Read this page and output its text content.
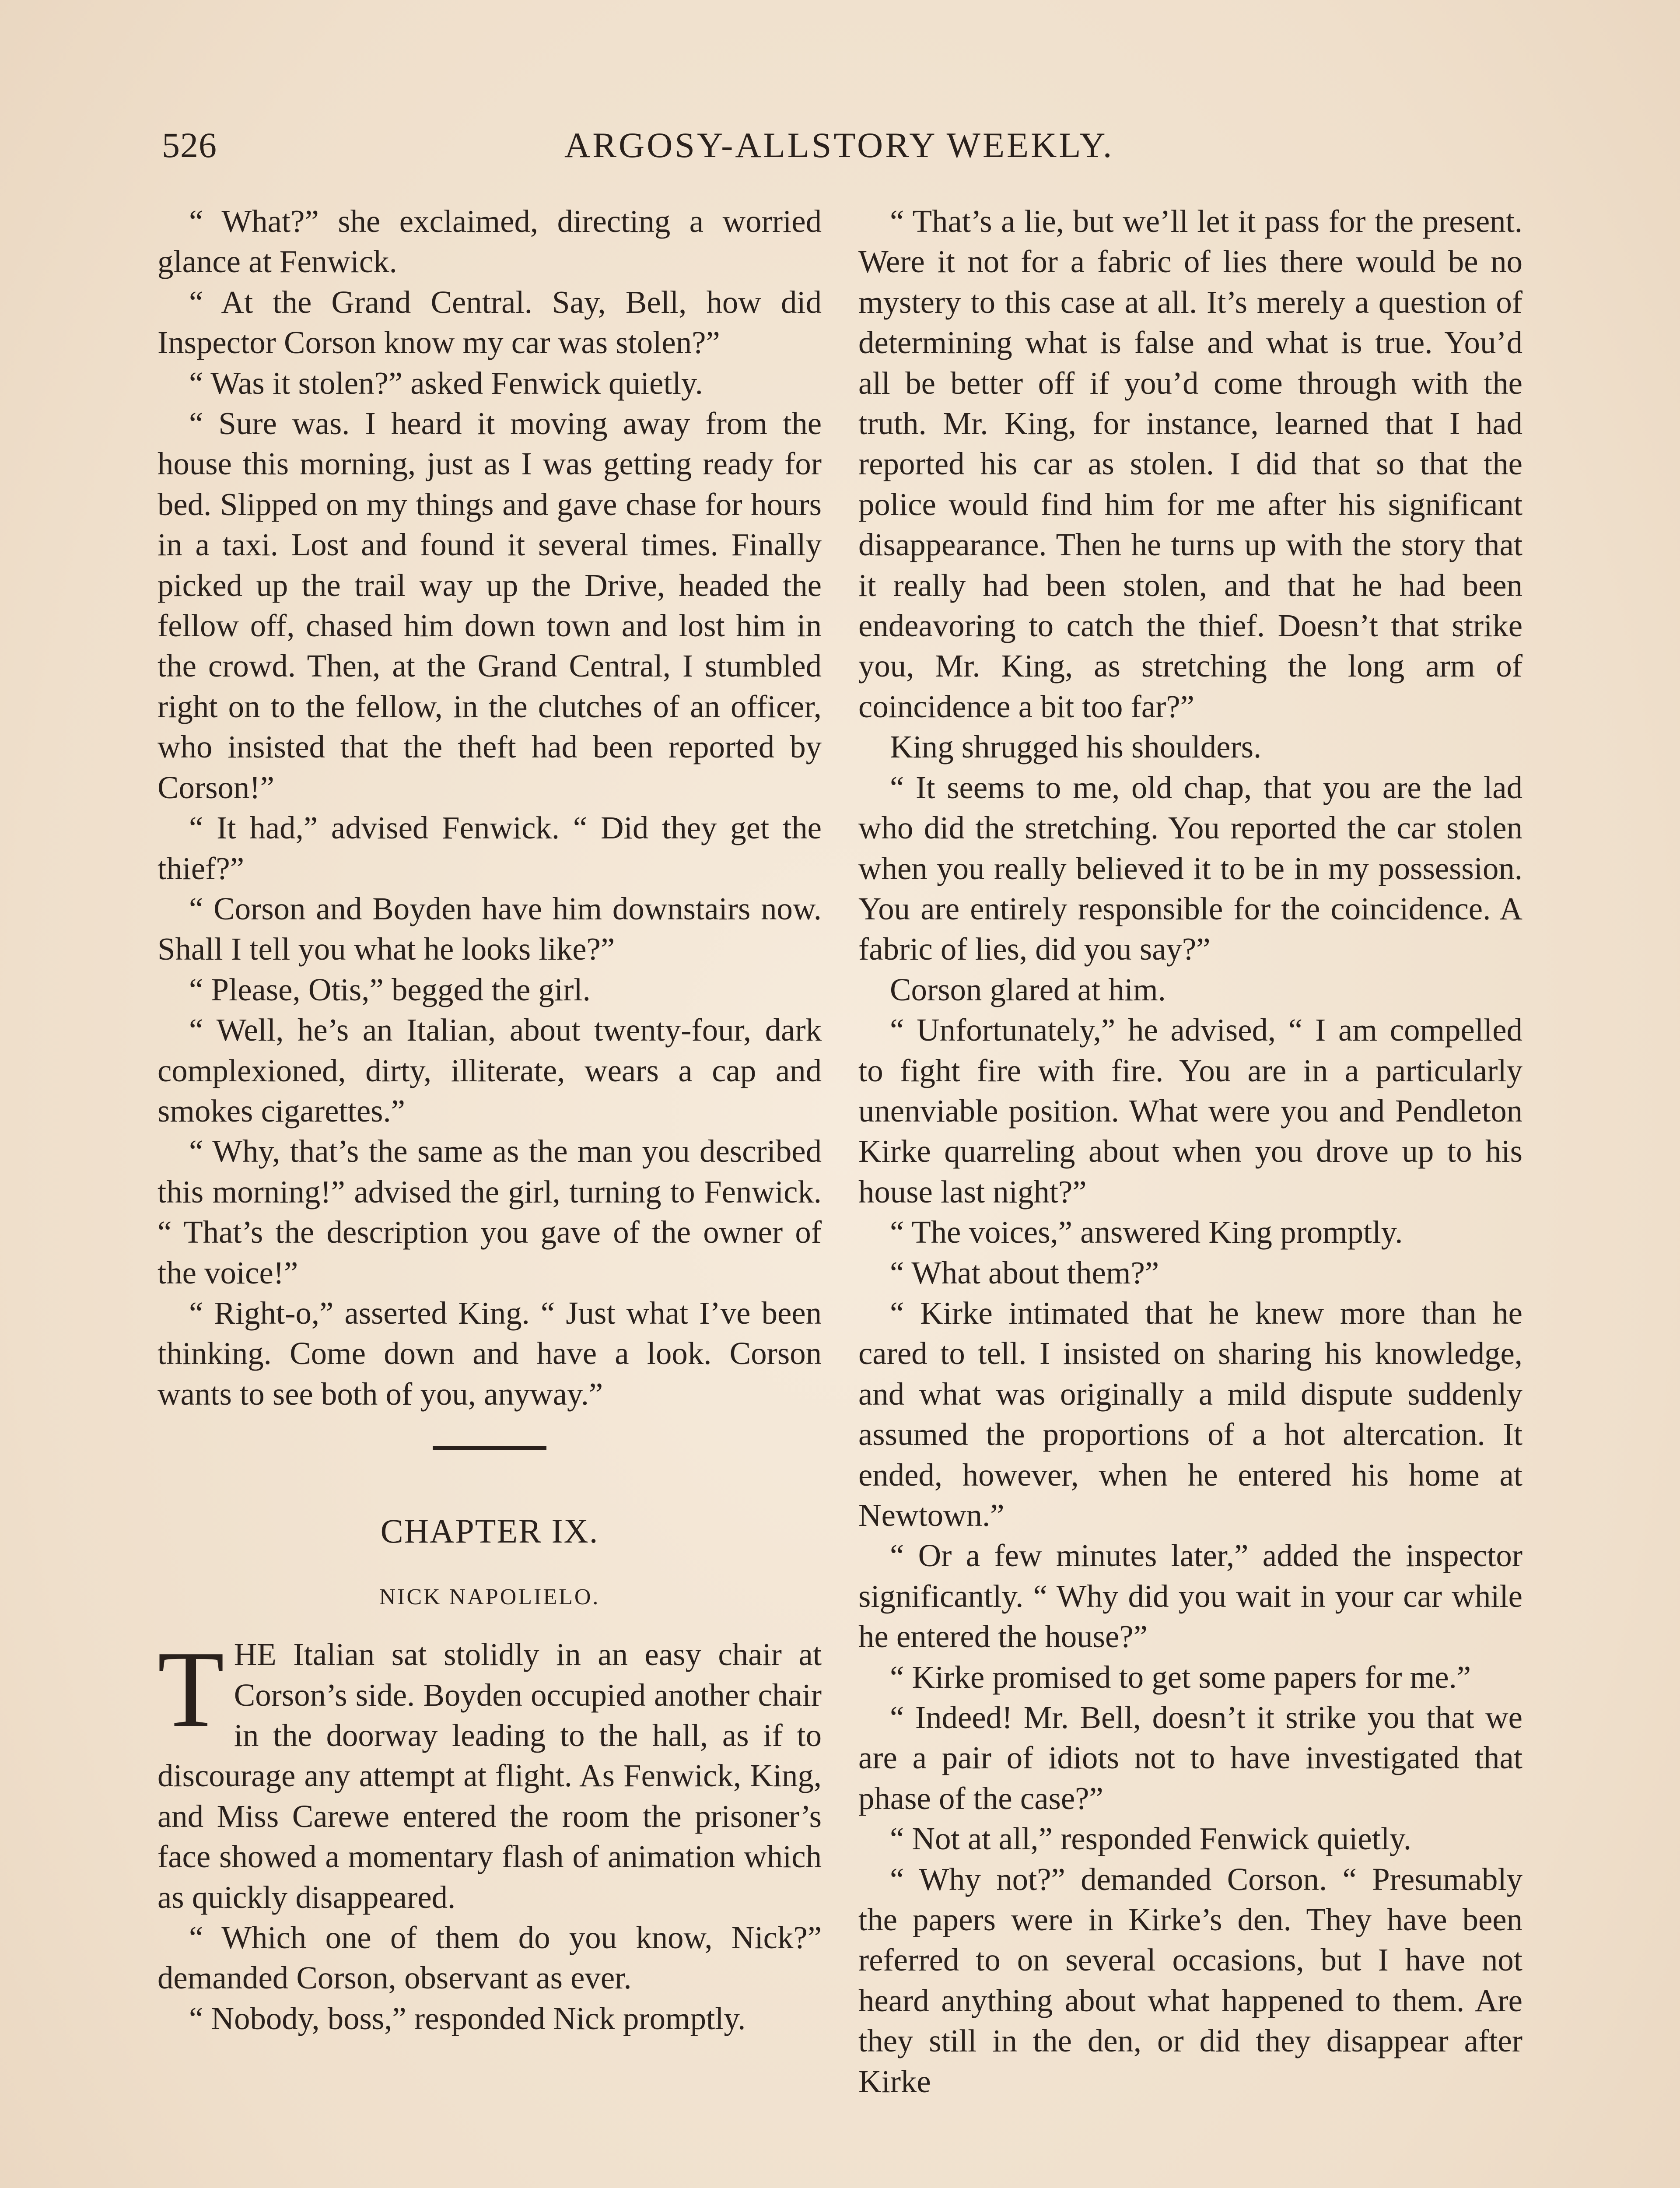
526	ARGOSY-ALLSTORY WEEKLY.

“ What?” she exclaimed, directing a worried glance at Fenwick.

“ At the Grand Central. Say, Bell, how did Inspector Corson know my car was stolen?”

“ Was it stolen?” asked Fenwick quietly.

“ Sure was. I heard it moving away from the house this morning, just as I was getting ready for bed. Slipped on my things and gave chase for hours in a taxi. Lost and found it several times. Finally picked up the trail way up the Drive, headed the fellow off, chased him down town and lost him in the crowd. Then, at the Grand Central, I stumbled right on to the fellow, in the clutches of an officer, who insisted that the theft had been reported by Corson!”

“ It had,” advised Fenwick. “ Did they get the thief?”

“ Corson and Boyden have him downstairs now. Shall I tell you what he looks like?”

“ Please, Otis,” begged the girl.

“ Well, he’s an Italian, about twenty-four, dark complexioned, dirty, illiterate, wears a cap and smokes cigarettes.”

“ Why, that’s the same as the man you described this morning!” advised the girl, turning to Fenwick. “ That’s the description you gave of the owner of the voice!”

“ Right-o,” asserted King. “ Just what I’ve been thinking. Come down and have a look. Corson wants to see both of you, anyway.”

CHAPTER IX.
NICK NAPOLIELO.

THE Italian sat stolidly in an easy chair at Corson’s side. Boyden occupied another chair in the doorway leading to the hall, as if to discourage any attempt at flight. As Fenwick, King, and Miss Carewe entered the room the prisoner’s face showed a momentary flash of animation which as quickly disappeared.

“ Which one of them do you know, Nick?” demanded Corson, observant as ever.

“ Nobody, boss,” responded Nick promptly.

“ That’s a lie, but we’ll let it pass for the present. Were it not for a fabric of lies there would be no mystery to this case at all. It’s merely a question of determining what is false and what is true. You’d all be better off if you’d come through with the truth. Mr. King, for instance, learned that I had reported his car as stolen. I did that so that the police would find him for me after his significant disappearance. Then he turns up with the story that it really had been stolen, and that he had been endeavoring to catch the thief. Doesn’t that strike you, Mr. King, as stretching the long arm of coincidence a bit too far?”

King shrugged his shoulders.

“ It seems to me, old chap, that you are the lad who did the stretching. You reported the car stolen when you really believed it to be in my possession. You are entirely responsible for the coincidence. A fabric of lies, did you say?”

Corson glared at him.

“ Unfortunately,” he advised, “ I am compelled to fight fire with fire. You are in a particularly unenviable position. What were you and Pendleton Kirke quarreling about when you drove up to his house last night?”

“ The voices,” answered King promptly.

“ What about them?”

“ Kirke intimated that he knew more than he cared to tell. I insisted on sharing his knowledge, and what was originally a mild dispute suddenly assumed the proportions of a hot altercation. It ended, however, when he entered his home at Newtown.”

“ Or a few minutes later,” added the inspector significantly. “ Why did you wait in your car while he entered the house?”

“ Kirke promised to get some papers for me.”

“ Indeed! Mr. Bell, doesn’t it strike you that we are a pair of idiots not to have investigated that phase of the case?”

“ Not at all,” responded Fenwick quietly.

“ Why not?” demanded Corson. “ Presumably the papers were in Kirke’s den. They have been referred to on several occasions, but I have not heard anything about what happened to them. Are they still in the den, or did they disappear after Kirke
